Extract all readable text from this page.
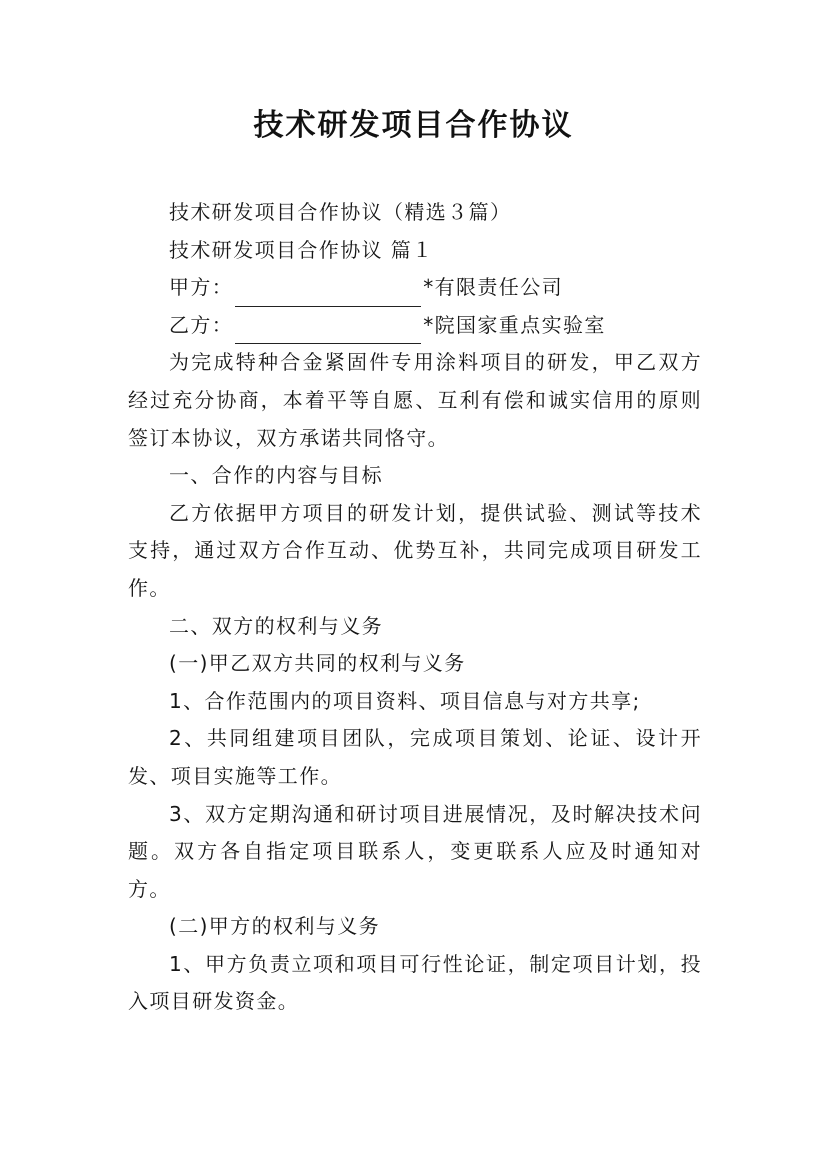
技术研发项目合作协议

技术研发项目合作协议（精选３篇）

技术研发项目合作协议 篇１

甲方：	*有限责任公司

乙方：	*院国家重点实验室

为完成特种合金紧固件专用涂料项目的研发，甲乙双方经过充分协商，本着平等自愿、互利有偿和诚实信用的原则签订本协议，双方承诺共同恪守。

一、合作的内容与目标

乙方依据甲方项目的研发计划，提供试验、测试等技术支持，通过双方合作互动、优势互补，共同完成项目研发工作。

二、双方的权利与义务

(一)甲乙双方共同的权利与义务

1、合作范围内的项目资料、项目信息与对方共享;

2、共同组建项目团队，完成项目策划、论证、设计开发、项目实施等工作。

3、双方定期沟通和研讨项目进展情况，及时解决技术问题。双方各自指定项目联系人，变更联系人应及时通知对方。

(二)甲方的权利与义务

1、甲方负责立项和项目可行性论证，制定项目计划，投入项目研发资金。
